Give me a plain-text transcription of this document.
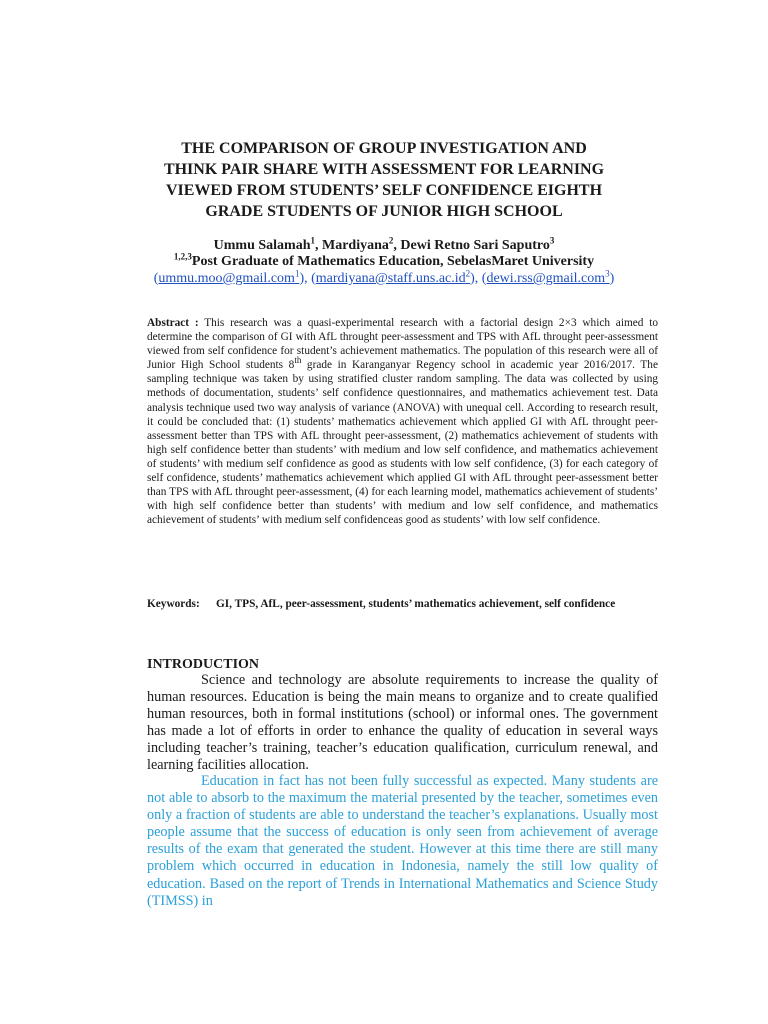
THE COMPARISON OF GROUP INVESTIGATION AND
THINK PAIR SHARE WITH ASSESSMENT FOR LEARNING
VIEWED FROM STUDENTS’ SELF CONFIDENCE EIGHTH
GRADE STUDENTS OF JUNIOR HIGH SCHOOL
Ummu Salamah$^1$, Mardiyana$^2$, Dewi Retno Sari Saputro$^3$
$^{1,2,3}$Post Graduate of Mathematics Education, SebelasMaret University
(ummu.moo@gmail.com$^1$), $(mardiyana@staff.uns.ac.id^2)$, (dewi.rss@gmail.com$^3$)
Abstract : This research was a quasi-experimental research with a factorial design 2×3 which aimed to determine the comparison of GI with AfL throught peer-assessment and TPS with AfL throught peer-assessment viewed from self confidence for student’s achievement mathematics. The population of this research were all of Junior High School students 8th grade in Karanganyar Regency school in academic year 2016/2017. The sampling technique was taken by using stratified cluster random sampling. The data was collected by using methods of documentation, students’ self confidence questionnaires, and mathematics achievement test. Data analysis technique used two way analysis of variance (ANOVA) with unequal cell. According to research result, it could be concluded that: (1) students’ mathematics achievement which applied GI with AfL throught peer-assessment better than TPS with AfL throught peer-assessment, (2) mathematics achievement of students with high self confidence better than students’ with medium and low self confidence, and mathematics achievement of students’ with medium self confidence as good as students with low self confidence, (3) for each category of self confidence, students’ mathematics achievement which applied GI with AfL throught peer-assessment better than TPS with AfL throught peer-assessment, (4) for each learning model, mathematics achievement of students’ with high self confidence better than students’ with medium and low self confidence, and mathematics achievement of students’ with medium self confidenceas good as students’ with low self confidence.
Keywords:	GI, TPS, AfL, peer-assessment, students’ mathematics achievement, self confidence
INTRODUCTION
Science and technology are absolute requirements to increase the quality of human resources. Education is being the main means to organize and to create qualified human resources, both in formal institutions (school) or informal ones. The government has made a lot of efforts in order to enhance the quality of education in several ways including teacher’s training, teacher’s education qualification, curriculum renewal, and learning facilities allocation.
Education in fact has not been fully successful as expected. Many students are not able to absorb to the maximum the material presented by the teacher, sometimes even only a fraction of students are able to understand the teacher’s explanations. Usually most people assume that the success of education is only seen from achievement of average results of the exam that generated the student. However at this time there are still many problem which occurred in education in Indonesia, namely the still low quality of education. Based on the report of Trends in International Mathematics and Science Study (TIMSS) in
